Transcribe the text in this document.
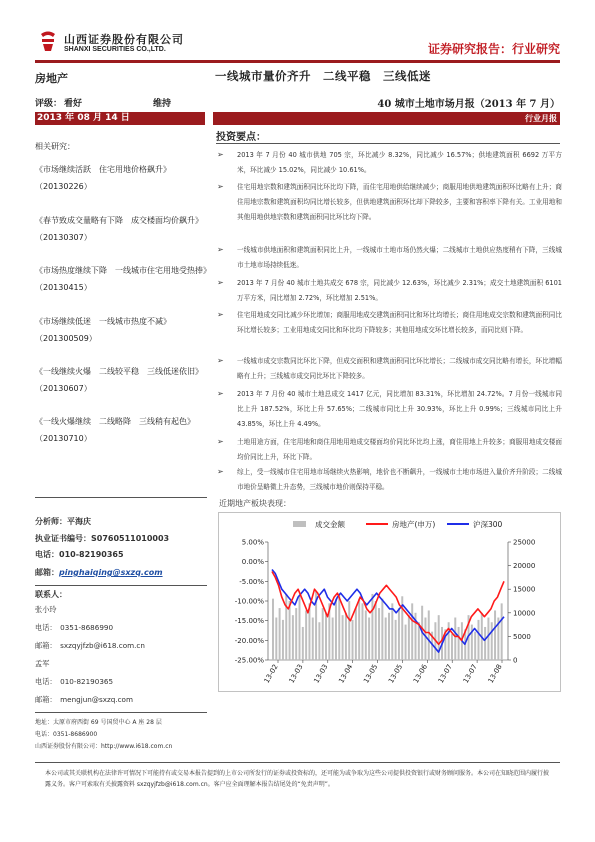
山西证券股份有限公司
SHANXI SECURITIES CO.,LTD.	证券研究报告：行业研究
房地产
评级： 看好	维持
2013 年 08 月 14 日
一线城市量价齐升　二线平稳　三线低迷
40 城市土地市场月报（2013 年 7 月）
行业月报
相关研究：
《市场继续活跃　住宅用地价格飙升》（20130226）
《春节致成交量略有下降　成交楼面均价飙升》（20130307）
《市场热度继续下降　一线城市住宅用地受热捧》（20130415）
《市场继续低迷　一线城市热度不减》（201300509）
《一线继续火爆　二线较平稳　三线低迷依旧》（20130607）
《一线火爆继续　二线略降　三线稍有起色》（20130710）
分析师：平海庆
执业证书编号：S0760511010003
电话：010-82190365
邮箱：pinghaiqing@sxzq.com
联系人：
张小玲
电话：　0351-8686990
邮箱：　sxzqyjfzb@i618.com.cn
孟军
电话：　010-82190365
邮箱：　mengjun@sxzq.com
地址：太原市府西街 69 号国贸中心 A 座 28 层
电话：0351-8686900
山西证券股份有限公司：http://www.i618.com.cn
投资要点：
➢ 2013 年 7 月份 40 城市供地 705 宗，环比减少 8.32%，同比减少 16.57%；供地建筑面积 6692 万平方米，环比减少 15.02%，同比减少 10.61%。
➢ 住宅用地宗数和建筑面积同比环比均下降，而住宅用地供给继续减少；商服用地供地建筑面积环比略有上升；商住用地宗数和建筑面积均同比增长较多，但供地建筑面积环比却下降较多，主要和容积率下降有关。工业用地和其他用地供地宗数和建筑面积同比环比均下降。
➢ 一线城市供地面积和建筑面积同比上升，一线城市土地市场仍然火爆；二线城市土地供应热度稍有下降，三线城市土地市场持续低迷。
➢ 2013 年 7 月份 40 城市土地共成交 678 宗，同比减少 12.63%，环比减少 2.31%；成交土地建筑面积 6101 万平方米，同比增加 2.72%，环比增加 2.51%。
➢ 住宅用地成交同比减少环比增加；商服用地成交建筑面积同比和环比均增长；商住用地成交宗数和建筑面积同比环比增长较多；工业用地成交同比和环比均下降较多；其他用地成交环比增长较多，而同比则下降。
➢ 一线城市成交宗数同比环比下降，但成交面积和建筑面积同比环比增长；二线城市成交同比略有增长，环比增幅略有上升；三线城市成交同比环比下降较多。
➢ 2013 年 7 月份 40 城市土地总成交 1417 亿元，同比增加 83.31%，环比增加 24.72%。7 月份一线城市同比上升 187.52%，环比上升 57.65%；二线城市同比上升 30.93%，环比上升 0.99%；三线城市同比上升 43.85%，环比上升 4.49%。
➢ 土地用途方面，住宅用地和商住用地用地成交楼面均价同比环比均上涨，商住用地上升较多；商服用地成交楼面均价同比上升，环比下降。
➢ 综上，受一线城市住宅用地市场继续火热影响，地价也不断飙升，一线城市土地市场进入量价齐升阶段；二线城市地价呈略微上升态势，三线城市地价则保持平稳。
近期地产板块表现：
成交金额	房地产(申万)	沪深300
5.00%
0.00%
-5.00%
-10.00%
-15.00%
-20.00%
-25.00%
25000
20000
15000
10000
5000
0
13-02 13-03 13-03 13-04 13-05 13-05 13-06 13-07 13-07 13-08
本公司或其关联机构在法律许可情况下可能持有或交易本报告提到的上市公司所发行的证券或投资标的，还可能为或争取为这些公司提供投资银行或财务顾问服务。本公司在知晓范围内履行披露义务。客户可索取有关披露资料 sxzqyjfzb@i618.com.cn。客户应全面理解本报告结尾处的“免责声明”。
